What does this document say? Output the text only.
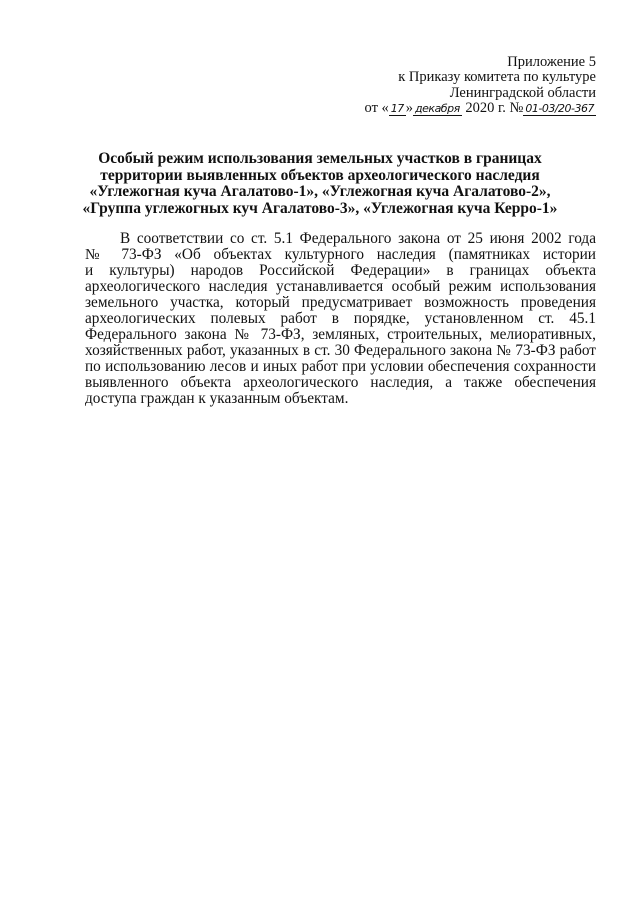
Приложение 5
к Приказу комитета по культуре
Ленинградской области
от « 17 » декабря 2020 г. № 01-03/20-367
Особый режим использования земельных участков в границах
территории выявленных объектов археологического наследия
«Углежогная куча Агалатово-1», «Углежогная куча Агалатово-2»,
«Группа углежогных куч Агалатово-3», «Углежогная куча Керро-1»
В соответствии со ст. 5.1 Федерального закона от 25 июня 2002 года
№ 73-ФЗ «Об объектах культурного наследия (памятниках истории
и культуры) народов Российской Федерации» в границах объекта
археологического наследия устанавливается особый режим использования
земельного участка, который предусматривает возможность проведения
археологических полевых работ в порядке, установленном ст. 45.1
Федерального закона № 73-ФЗ, земляных, строительных, мелиоративных,
хозяйственных работ, указанных в ст. 30 Федерального закона № 73-ФЗ работ
по использованию лесов и иных работ при условии обеспечения сохранности
выявленного объекта археологического наследия, а также обеспечения
доступа граждан к указанным объектам.
